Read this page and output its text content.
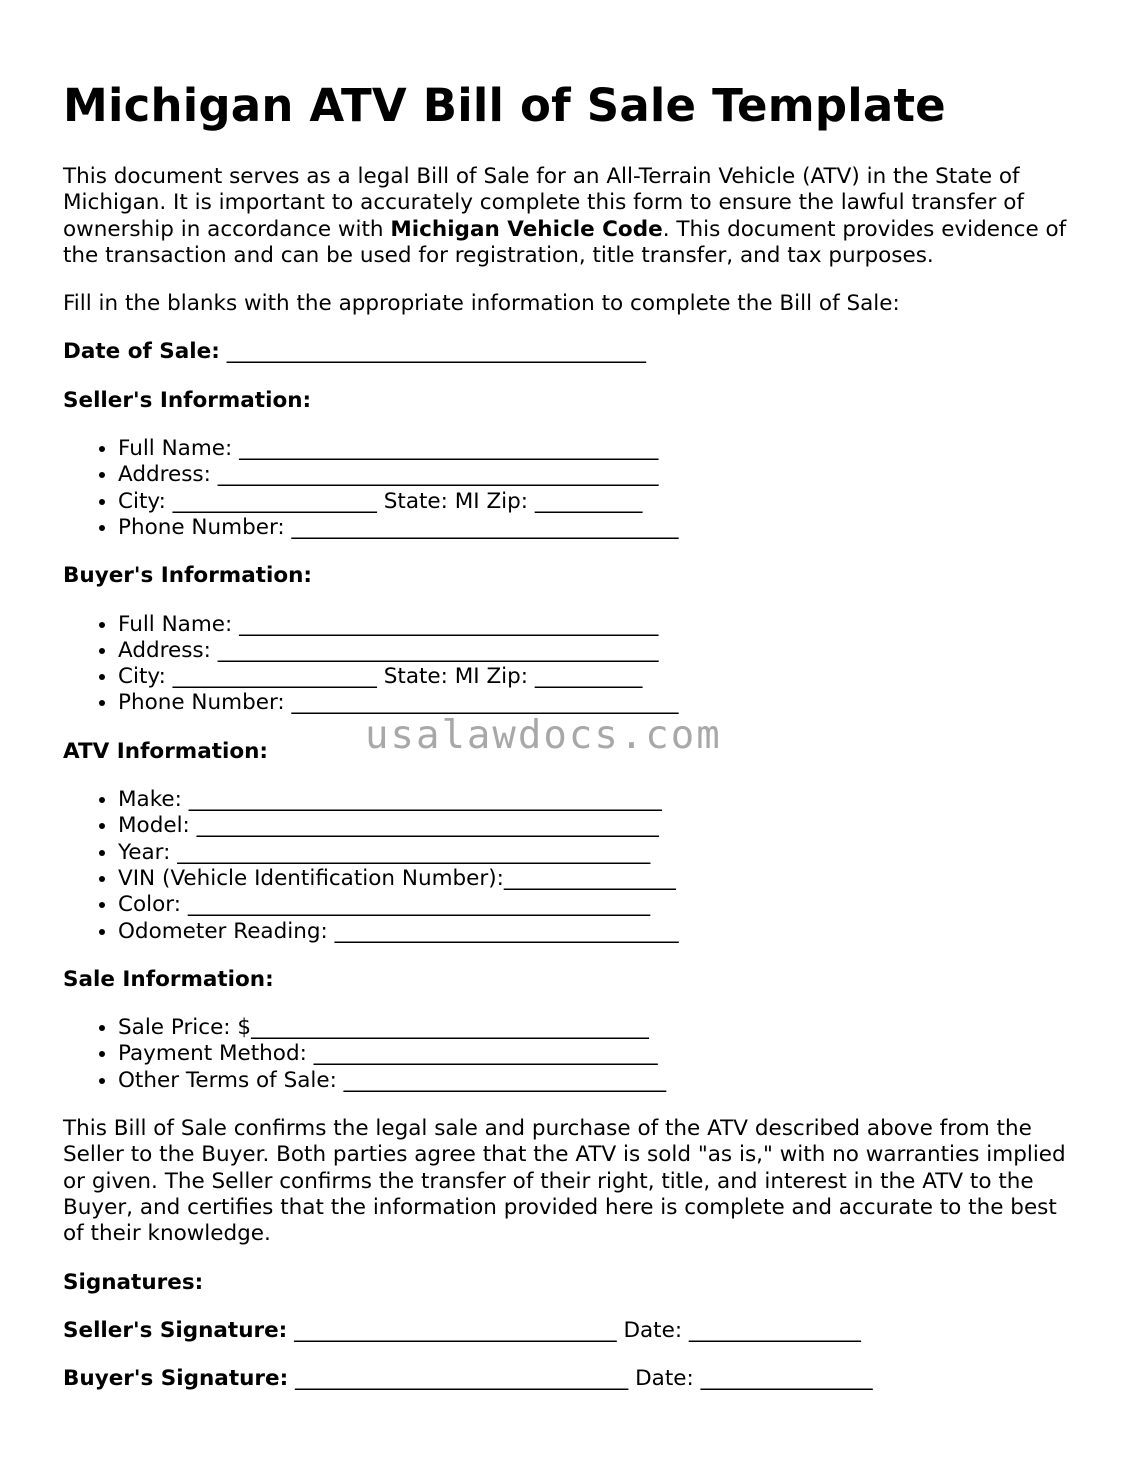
Michigan ATV Bill of Sale Template

This document serves as a legal Bill of Sale for an All-Terrain Vehicle (ATV) in the State of Michigan. It is important to accurately complete this form to ensure the lawful transfer of ownership in accordance with Michigan Vehicle Code. This document provides evidence of the transaction and can be used for registration, title transfer, and tax purposes.

Fill in the blanks with the appropriate information to complete the Bill of Sale:

Date of Sale: _______________________________________
Seller's Information:
• Full Name: _______________________________________
• Address: _________________________________________
• City: ___________________ State: MI Zip: __________
• Phone Number: ____________________________________
Buyer's Information:
• Full Name: _______________________________________
• Address: _________________________________________
• City: ___________________ State: MI Zip: __________
• Phone Number: ____________________________________
ATV Information:
• Make: ____________________________________________
• Model: ___________________________________________
• Year: ____________________________________________
• VIN (Vehicle Identification Number):________________
• Color: ___________________________________________
• Odometer Reading: ________________________________
Sale Information:
• Sale Price: $_____________________________________
• Payment Method: ________________________________
• Other Terms of Sale: ______________________________

This Bill of Sale confirms the legal sale and purchase of the ATV described above from the Seller to the Buyer. Both parties agree that the ATV is sold "as is," with no warranties implied or given. The Seller confirms the transfer of their right, title, and interest in the ATV to the Buyer, and certifies that the information provided here is complete and accurate to the best of their knowledge.

Signatures:
Seller's Signature: ______________________________ Date: ________________
Buyer's Signature: _______________________________ Date: ________________
usalawdocs.com
